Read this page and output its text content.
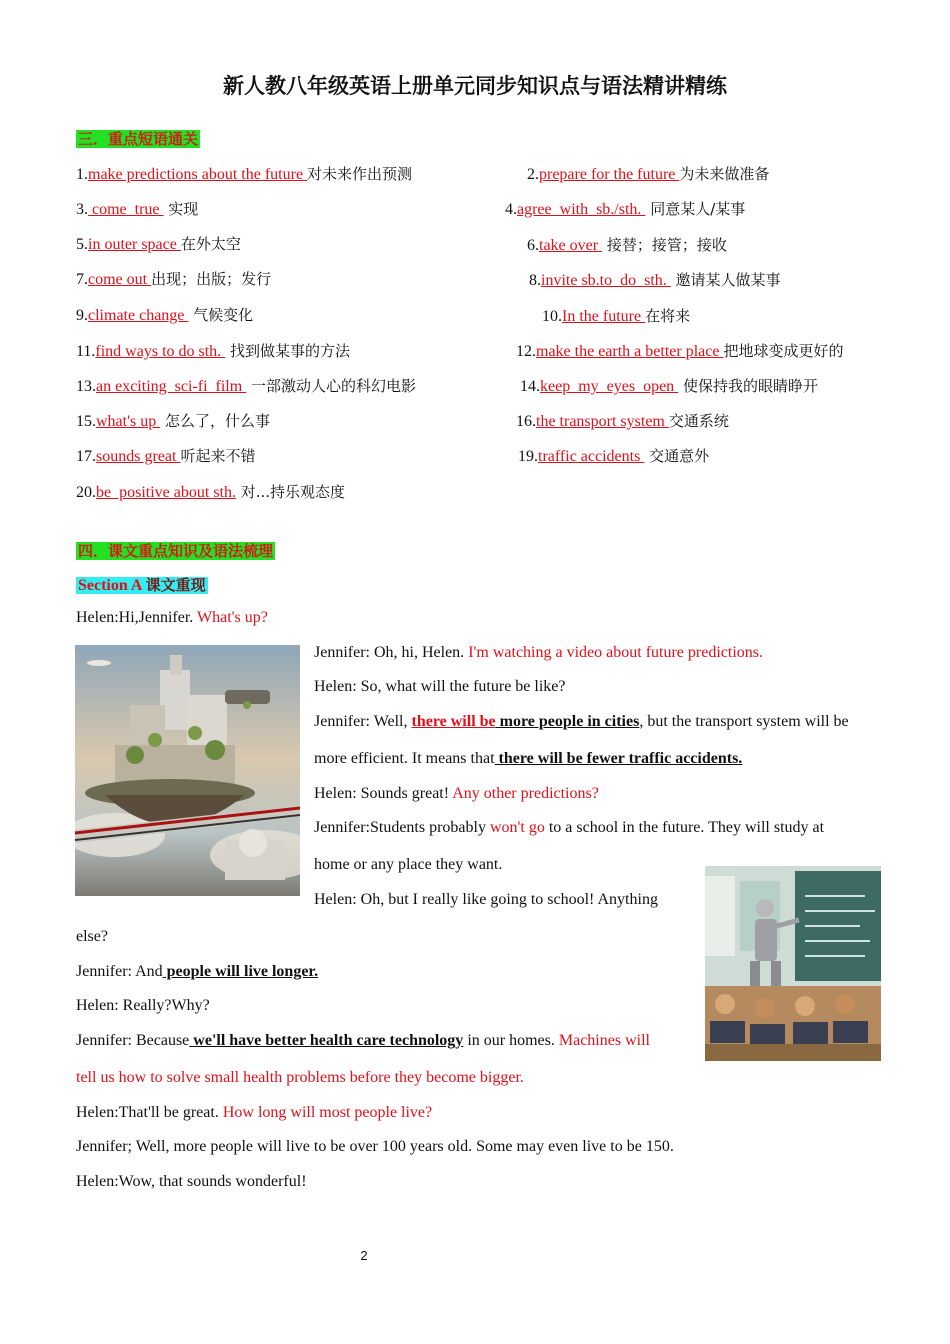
新人教八年级英语上册单元同步知识点与语法精讲精练
三．重点短语通关
1.make predictions about the future 对未来作出预测	2.prepare for the future 为未来做准备
3. come  true  实现	4.agree  with  sb./sth.  同意某人/某事
5.in outer space 在外太空	6.take over  接替；接管；接收
7.come out 出现；出版；发行	8.invite sb.to  do  sth.  邀请某人做某事
9.climate change  气候变化	10.In the future 在将来
11.find ways to do sth.  找到做某事的方法	12.make the earth a better place 把地球变成更好的
13.an exciting  sci-fi  film  一部激动人心的科幻电影	14.keep  my  eyes  open  使保持我的眼睛睁开
15.what's up  怎么了，什么事	16.the transport system 交通系统
17.sounds great 听起来不错	19.traffic accidents  交通意外
20.be  positive about sth. 对...持乐观态度
四．课文重点知识及语法梳理
Section A 课文重现
Helen:Hi,Jennifer. What's up?
Jennifer: Oh, hi, Helen. I'm watching a video about future predictions.
Helen: So, what will the future be like?
Jennifer: Well, there will be more people in cities, but the transport system will be
more efficient. It means that there will be fewer traffic accidents.
Helen: Sounds great! Any other predictions?
Jennifer:Students probably won't go to a school in the future. They will study at
home or any place they want.
Helen: Oh, but I really like going to school! Anything
else?
Jennifer: And people will live longer.
Helen: Really?Why?
Jennifer: Because we'll have better health care technology in our homes. Machines will
tell us how to solve small health problems before they become bigger.
Helen:That'll be great. How long will most people live?
Jennifer; Well, more people will live to be over 100 years old. Some may even live to be 150.
Helen:Wow, that sounds wonderful!
2
